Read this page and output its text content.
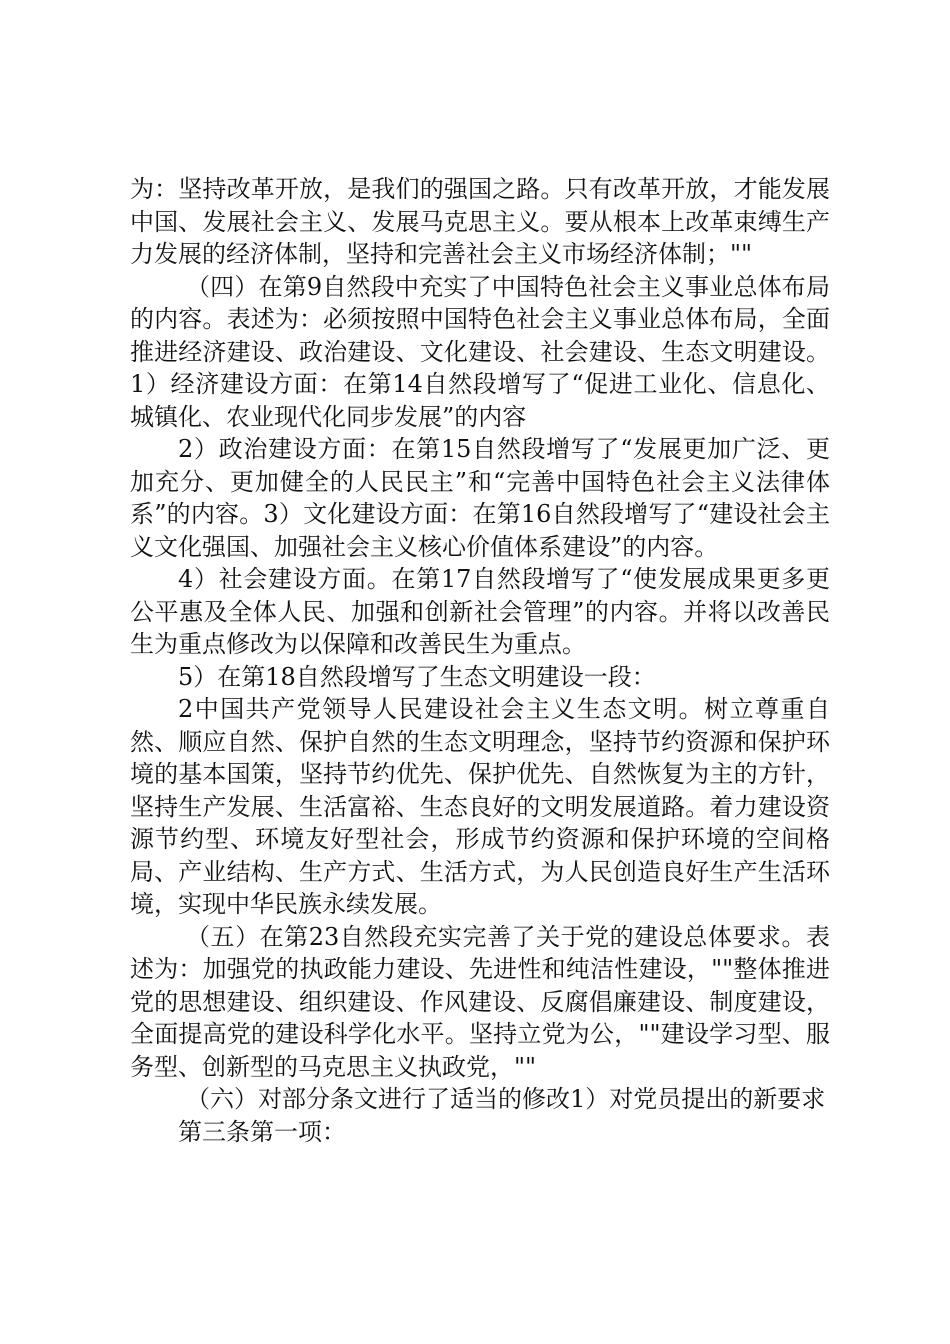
为：坚持改革开放，是我们的强国之路。只有改革开放，才能发展中国、发展社会主义、发展马克思主义。要从根本上改革束缚生产力发展的经济体制，坚持和完善社会主义市场经济体制；""

（四）在第9自然段中充实了中国特色社会主义事业总体布局的内容。表述为：必须按照中国特色社会主义事业总体布局，全面推进经济建设、政治建设、文化建设、社会建设、生态文明建设。1）经济建设方面：在第14自然段增写了“促进工业化、信息化、城镇化、农业现代化同步发展”的内容

2）政治建设方面：在第15自然段增写了“发展更加广泛、更加充分、更加健全的人民民主”和“完善中国特色社会主义法律体系”的内容。3）文化建设方面：在第16自然段增写了“建设社会主义文化强国、加强社会主义核心价值体系建设”的内容。

4）社会建设方面。在第17自然段增写了“使发展成果更多更公平惠及全体人民、加强和创新社会管理”的内容。并将以改善民生为重点修改为以保障和改善民生为重点。

5）在第18自然段增写了生态文明建设一段：

2中国共产党领导人民建设社会主义生态文明。树立尊重自然、顺应自然、保护自然的生态文明理念，坚持节约资源和保护环境的基本国策，坚持节约优先、保护优先、自然恢复为主的方针，坚持生产发展、生活富裕、生态良好的文明发展道路。着力建设资源节约型、环境友好型社会，形成节约资源和保护环境的空间格局、产业结构、生产方式、生活方式，为人民创造良好生产生活环境，实现中华民族永续发展。

（五）在第23自然段充实完善了关于党的建设总体要求。表述为：加强党的执政能力建设、先进性和纯洁性建设，""整体推进党的思想建设、组织建设、作风建设、反腐倡廉建设、制度建设，全面提高党的建设科学化水平。坚持立党为公，""建设学习型、服务型、创新型的马克思主义执政党，""

（六）对部分条文进行了适当的修改1）对党员提出的新要求

第三条第一项：
